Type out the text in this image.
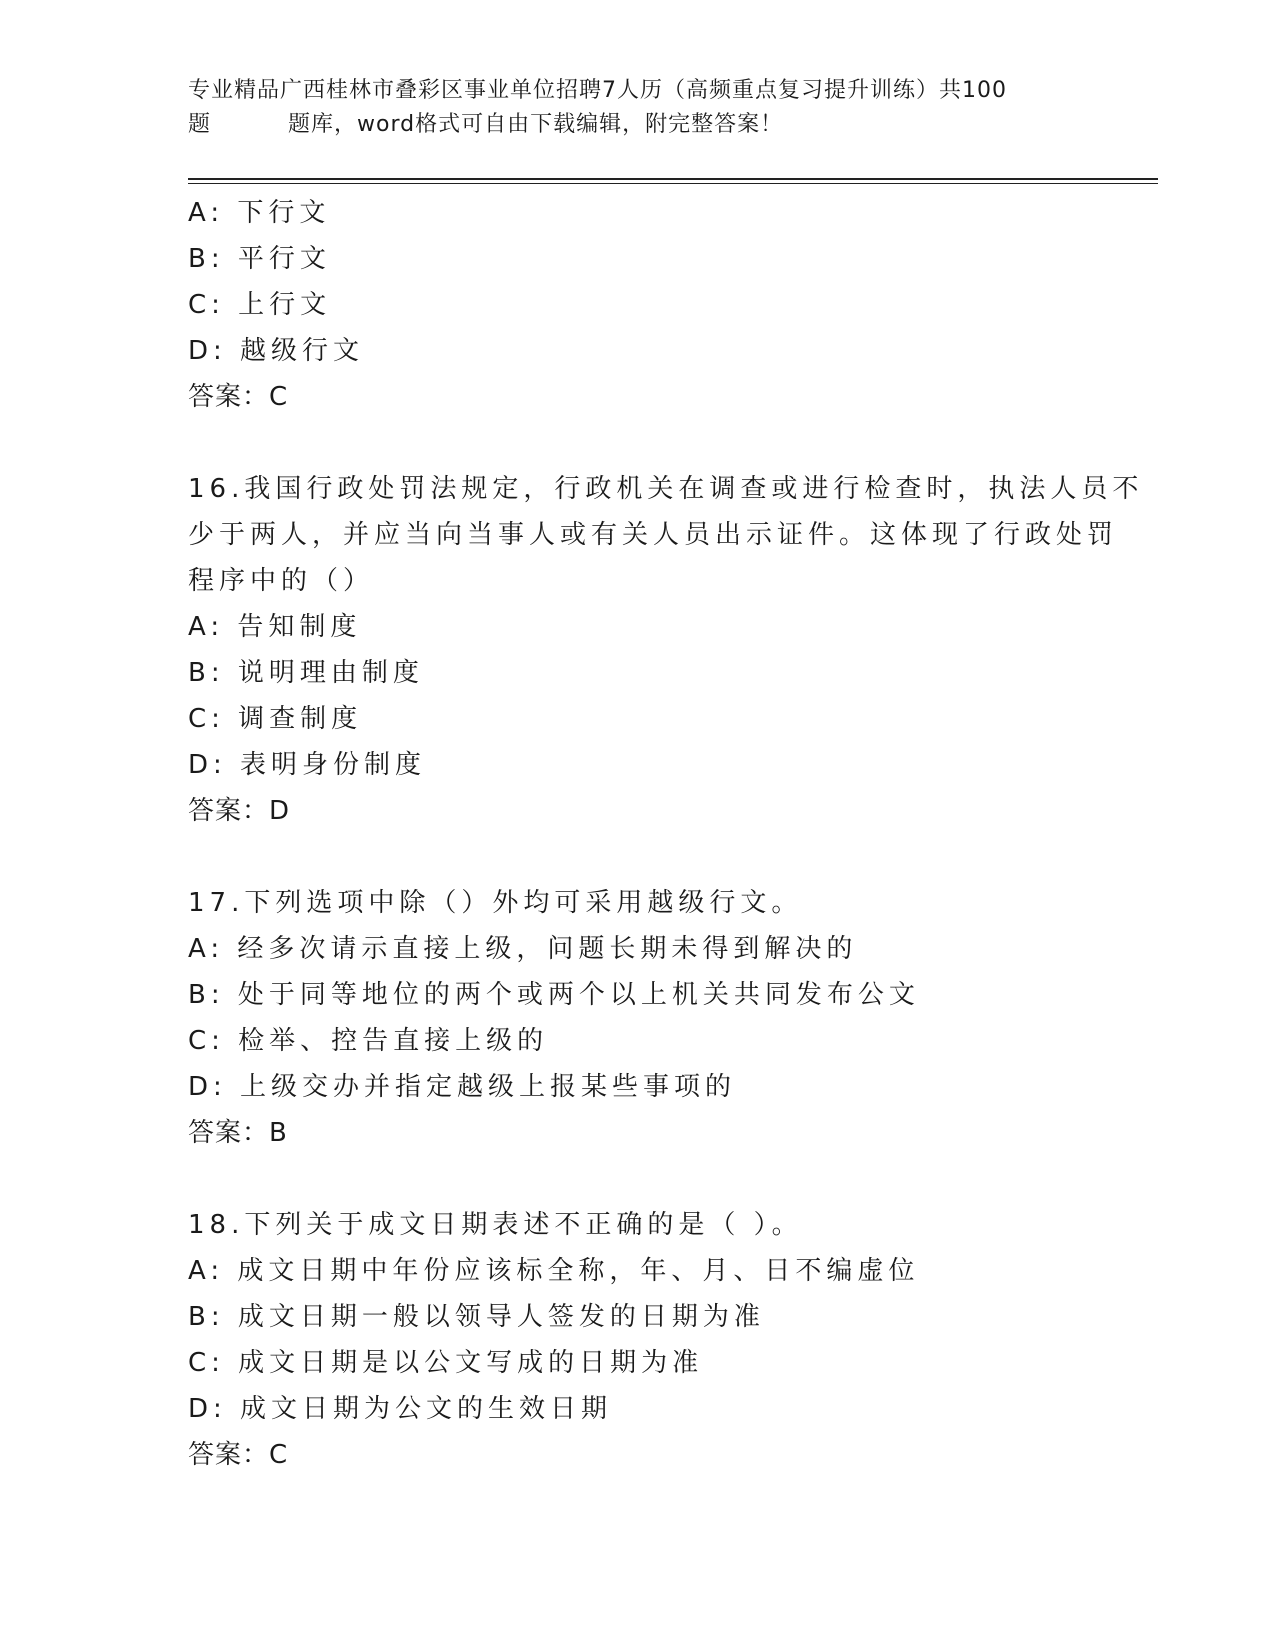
专业精品广西桂林市叠彩区事业单位招聘7人历（高频重点复习提升训练）共100
题	题库，word格式可自由下载编辑，附完整答案！
A: 下行文
B: 平行文
C: 上行文
D: 越级行文
答案：C
16.我国行政处罚法规定，行政机关在调查或进行检查时，执法人员不
少于两人，并应当向当事人或有关人员出示证件。这体现了行政处罚
程序中的（）
A: 告知制度
B: 说明理由制度
C: 调查制度
D: 表明身份制度
答案：D
17.下列选项中除（）外均可采用越级行文。
A: 经多次请示直接上级，问题长期未得到解决的
B: 处于同等地位的两个或两个以上机关共同发布公文
C: 检举、控告直接上级的
D: 上级交办并指定越级上报某些事项的
答案：B
18.下列关于成文日期表述不正确的是（ ）。
A: 成文日期中年份应该标全称，年、月、日不编虚位
B: 成文日期一般以领导人签发的日期为准
C: 成文日期是以公文写成的日期为准
D: 成文日期为公文的生效日期
答案：C
